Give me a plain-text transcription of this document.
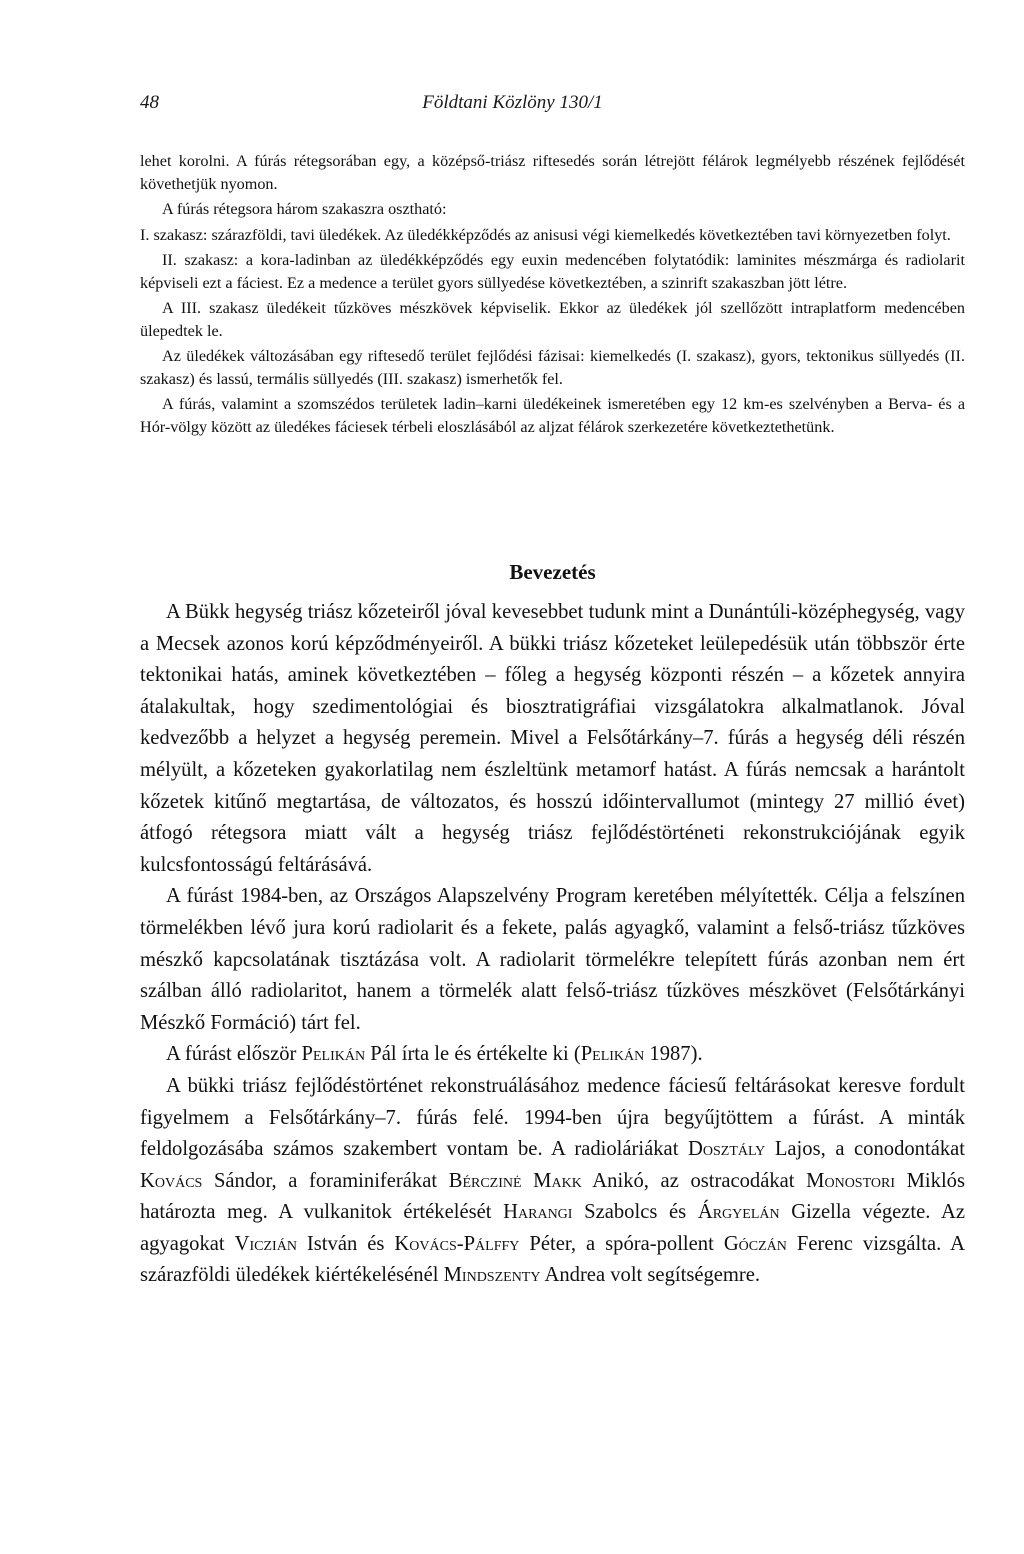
48	Földtani Közlöny 130/1

lehet korolni. A fúrás rétegsorában egy, a középső-triász riftesedés során létrejött félárok legmélyebb részének fejlődését követhetjük nyomon.

A fúrás rétegsora három szakaszra osztható:

I. szakasz: szárazföldi, tavi üledékek. Az üledékképződés az anisusi végi kiemelkedés következtében tavi környezetben folyt.

II. szakasz: a kora-ladinban az üledékképződés egy euxin medencében folytatódik: laminites mészmárga és radiolarit képviseli ezt a fáciest. Ez a medence a terület gyors süllyedése következtében, a szinrift szakaszban jött létre.

A III. szakasz üledékeit tűzköves mészkövek képviselik. Ekkor az üledékek jól szellőzött intraplatform medencében ülepedtek le.

Az üledékek változásában egy riftesedő terület fejlődési fázisai: kiemelkedés (I. szakasz), gyors, tektonikus süllyedés (II. szakasz) és lassú, termális süllyedés (III. szakasz) ismerhetők fel.

A fúrás, valamint a szomszédos területek ladin–karni üledékeinek ismeretében egy 12 km-es szelvényben a Berva- és a Hór-völgy között az üledékes fáciesek térbeli eloszlásából az aljzat félárok szerkezetére következtethetünk.

Bevezetés

A Bükk hegység triász kőzeteiről jóval kevesebbet tudunk mint a Dunántúli-középhegység, vagy a Mecsek azonos korú képződményeiről. A bükki triász kőzeteket leülepedésük után többször érte tektonikai hatás, aminek következtében – főleg a hegység központi részén – a kőzetek annyira átalakultak, hogy szedimentológiai és biosztratigráfiai vizsgálatokra alkalmatlanok. Jóval kedvezőbb a helyzet a hegység peremein. Mivel a Felsőtárkány–7. fúrás a hegység déli részén mélyült, a kőzeteken gyakorlatilag nem észleltünk metamorf hatást. A fúrás nemcsak a harántolt kőzetek kitűnő megtartása, de változatos, és hosszú időintervallumot (mintegy 27 millió évet) átfogó rétegsora miatt vált a hegység triász fejlődéstörténeti rekonstrukciójának egyik kulcsfontosságú feltárásává.

A fúrást 1984-ben, az Országos Alapszelvény Program keretében mélyítették. Célja a felszínen törmelékben lévő jura korú radiolarit és a fekete, palás agyagkő, valamint a felső-triász tűzköves mészkő kapcsolatának tisztázása volt. A radiolarit törmelékre telepített fúrás azonban nem ért szálban álló radiolaritot, hanem a törmelék alatt felső-triász tűzköves mészkövet (Felsőtárkányi Mészkő Formáció) tárt fel.

A fúrást először Pelikán Pál írta le és értékelte ki (Pelikán 1987).

A bükki triász fejlődéstörténet rekonstruálásához medence fáciesű feltárásokat keresve fordult figyelmem a Felsőtárkány–7. fúrás felé. 1994-ben újra begyűjtöttem a fúrást. A minták feldolgozásába számos szakembert vontam be. A radioláriákat Dosztály Lajos, a conodontákat Kovács Sándor, a foraminiferákat Bérczinė Makk Anikó, az ostracodákat Monostori Miklós határozta meg. A vulkanitok értékelését Harangi Szabolcs és Árgyelán Gizella végezte. Az agyagokat Viczián István és Kovács-Pálffy Péter, a spóra-pollent Góczán Ferenc vizsgálta. A szárazföldi üledékek kiértékelésénél Mindszenty Andrea volt segítségemre.
